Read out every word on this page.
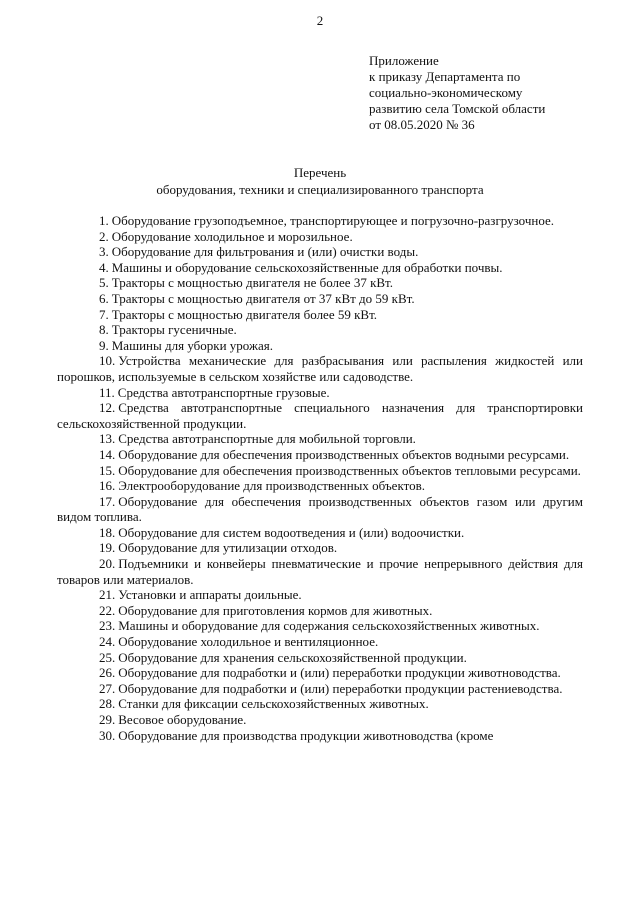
2
Приложение
к приказу Департамента по
социально-экономическому
развитию села Томской области
от 08.05.2020 № 36
Перечень
оборудования, техники и специализированного транспорта

1. Оборудование грузоподъемное, транспортирующее и погрузочно-разгрузочное.

2. Оборудование холодильное и морозильное.

3. Оборудование для фильтрования и (или) очистки воды.

4. Машины и оборудование сельскохозяйственные для обработки почвы.

5. Тракторы с мощностью двигателя не более 37 кВт.

6. Тракторы с мощностью двигателя от 37 кВт до 59 кВт.

7. Тракторы с мощностью двигателя более 59 кВт.

8. Тракторы гусеничные.

9. Машины для уборки урожая.

10. Устройства механические для разбрасывания или распыления жидкостей или порошков, используемые в сельском хозяйстве или садоводстве.

11. Средства автотранспортные грузовые.

12. Средства автотранспортные специального назначения для транспортировки сельскохозяйственной продукции.

13. Средства автотранспортные для мобильной торговли.

14. Оборудование для обеспечения производственных объектов водными ресурсами.

15. Оборудование для обеспечения производственных объектов тепловыми ресурсами.

16. Электрооборудование для производственных объектов.

17. Оборудование для обеспечения производственных объектов газом или другим видом топлива.

18. Оборудование для систем водоотведения и (или) водоочистки.

19. Оборудование для утилизации отходов.

20. Подъемники и конвейеры пневматические и прочие непрерывного действия для товаров или материалов.

21. Установки и аппараты доильные.

22. Оборудование для приготовления кормов для животных.

23. Машины и оборудование для содержания сельскохозяйственных животных.

24. Оборудование холодильное и вентиляционное.

25. Оборудование для хранения сельскохозяйственной продукции.

26. Оборудование для подработки и (или) переработки продукции животноводства.

27. Оборудование для подработки и (или) переработки продукции растениеводства.

28. Станки для фиксации сельскохозяйственных животных.

29. Весовое оборудование.

30. Оборудование для производства продукции животноводства (кроме
